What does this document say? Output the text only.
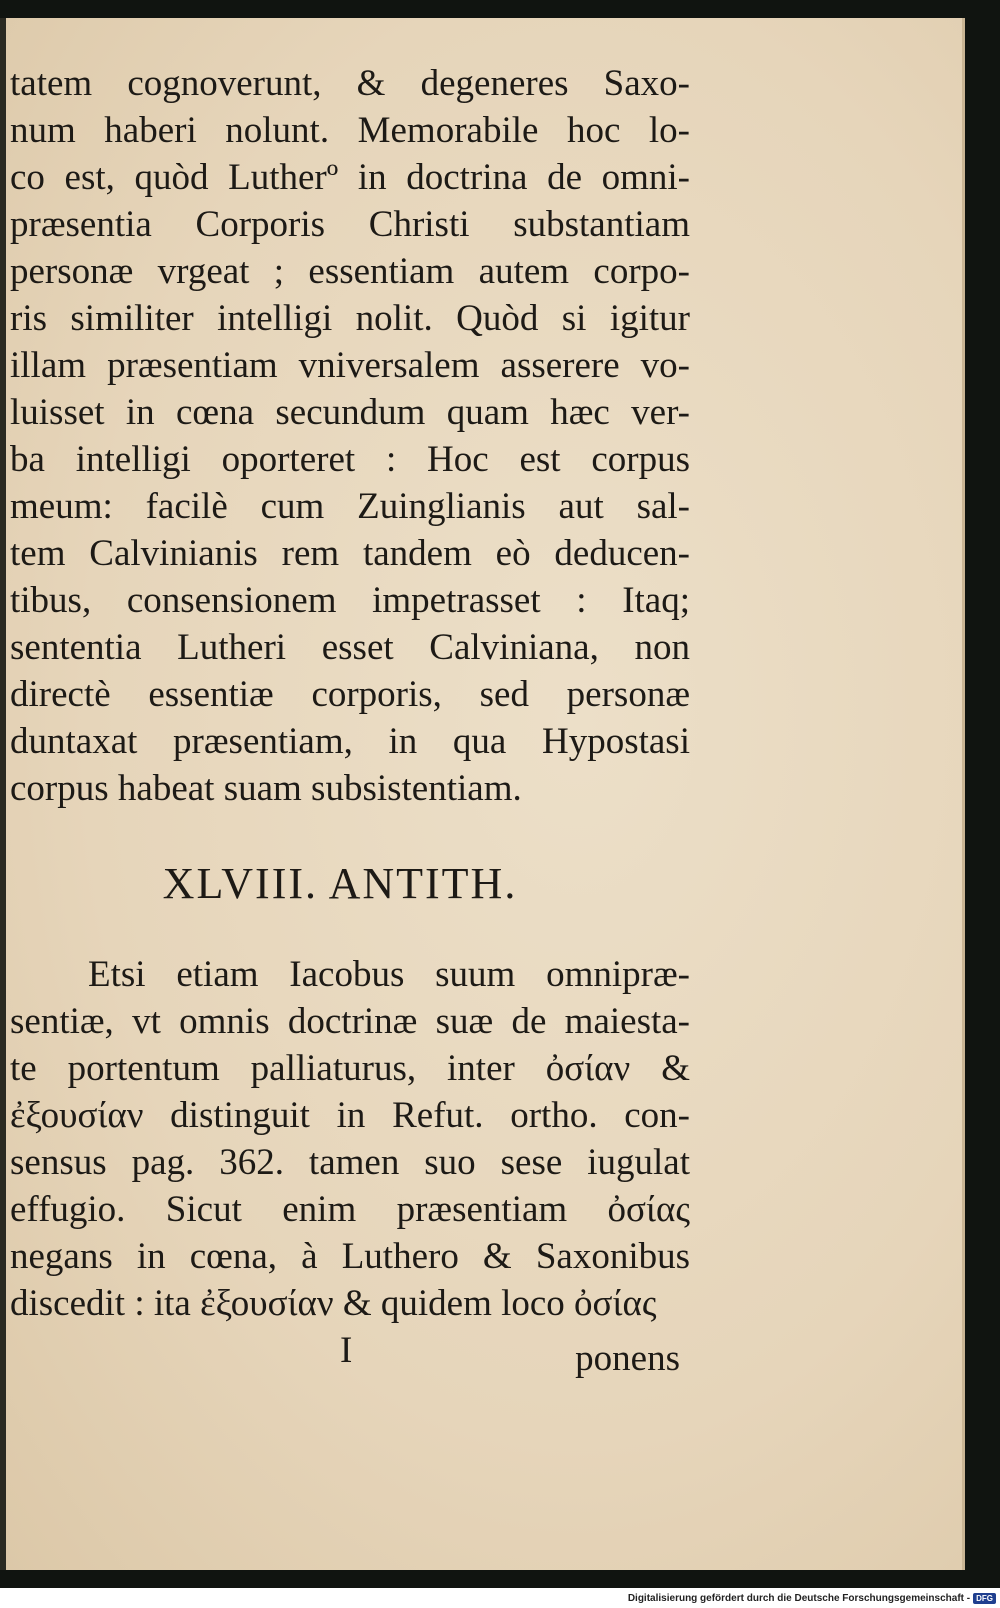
tatem cognoverunt, & degeneres Saxo-
num haberi nolunt. Memorabile hoc lo-
co est, quòd Lutherº in doctrina de omni-
præsentia Corporis Christi substantiam
personæ vrgeat ; essentiam autem corpo-
ris similiter intelligi nolit. Quòd si igitur
illam præsentiam vniversalem asserere vo-
luisset in cœna secundum quam hæc ver-
ba intelligi oporteret : Hoc est corpus
meum: facilè cum Zuinglianis aut sal-
tem Calvinianis rem tandem eò deducen-
tibus, consensionem impetrasset : Itaq;
sententia Lutheri esset Calviniana, non
directè essentiæ corporis, sed personæ
duntaxat præsentiam, in qua Hypostasi
corpus habeat suam subsistentiam.
XLVIII. ANTITH.
Etsi etiam Iacobus suum omnipræ-
sentiæ, vt omnis doctrinæ suæ de maiesta-
te portentum palliaturus, inter ὀσίαν &
ἐξουσίαν distinguit in Refut. ortho. con-
sensus pag. 362. tamen suo sese iugulat
effugio. Sicut enim præsentiam ὀσίας
negans in cœna, à Luthero & Saxonibus
discedit : ita ἐξουσίαν & quidem loco ὀσίας
I	ponens
Digitalisierung gefördert durch die Deutsche Forschungsgemeinschaft - DFG
